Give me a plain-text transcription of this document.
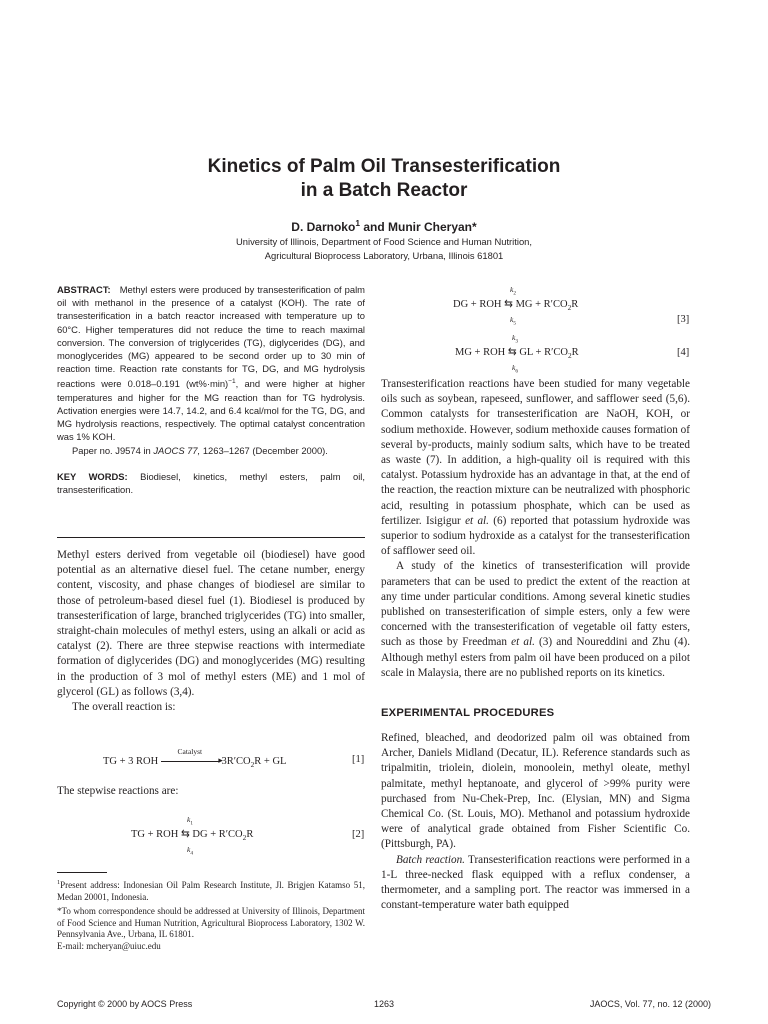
Kinetics of Palm Oil Transesterification
in a Batch Reactor
D. Darnoko$^1$ and Munir Cheryan*
University of Illinois, Department of Food Science and Human Nutrition,
Agricultural Bioprocess Laboratory, Urbana, Illinois 61801
ABSTRACT: Methyl esters were produced by transesterification of palm oil with methanol in the presence of a catalyst (KOH). The rate of transesterification in a batch reactor increased with temperature up to 60°C. Higher temperatures did not reduce the time to reach maximal conversion. The conversion of triglycerides (TG), diglycerides (DG), and monoglycerides (MG) appeared to be second order up to 30 min of reaction time. Reaction rate constants for TG, DG, and MG hydrolysis reactions were 0.018–0.191 $(wt\%\cdot\min)^{-1}$, and were higher at higher temperatures and higher for the MG reaction than for TG hydrolysis. Activation energies were 14.7, 14.2, and 6.4 kcal/mol for the TG, DG, and MG hydrolysis reactions, respectively. The optimal catalyst concentration was 1% KOH.
Paper no. J9574 in JAOCS 77, 1263–1267 (December 2000).
KEY WORDS: Biodiesel, kinetics, methyl esters, palm oil, transesterification.

Methyl esters derived from vegetable oil (biodiesel) have good potential as an alternative diesel fuel. The cetane number, energy content, viscosity, and phase changes of biodiesel are similar to those of petroleum-based diesel fuel (1). Biodiesel is produced by transesterification of large, branched triglycerides (TG) into smaller, straight-chain molecules of methyl esters, using an alkali or acid as catalyst (2). There are three stepwise reactions with intermediate formation of diglycerides (DG) and monoglycerides (MG) resulting in the production of 3 mol of methyl esters (ME) and 1 mol of glycerol (GL) as follows (3,4).

The overall reaction is:

TG + 3 ROH
Catalyst
▸
$3R'CO_2R$ + GL	[1]

The stepwise reactions are:

$k_1$
TG + ROH ⇆ DG + $R'CO_2R$
$k_4$
[2]
$^1$Present address: Indonesian Oil Palm Research Institute, Jl. Brigjen Katamso 51, Medan 20001, Indonesia.
*To whom correspondence should be addressed at University of Illinois, Department of Food Science and Human Nutrition, Agricultural Bioprocess Laboratory, 1302 W. Pennsylvania Ave., Urbana, IL 61801.
E-mail: mcheryan@uiuc.edu
$k_2$
DG + ROH ⇆ MG + $R'CO_2R$
$k_5$	[3]
$k_3$
MG + ROH ⇆ GL + $R'CO_2R$
$k_6$
[4]

Transesterification reactions have been studied for many vegetable oils such as soybean, rapeseed, sunflower, and safflower seed (5,6). Common catalysts for transesterification are NaOH, KOH, or sodium methoxide. However, sodium methoxide causes formation of several by-products, mainly sodium salts, which have to be treated as waste (7). In addition, a high-quality oil is required with this catalyst. Potassium hydroxide has an advantage in that, at the end of the reaction, the reaction mixture can be neutralized with phosphoric acid, resulting in potassium phosphate, which can be used as fertilizer. Isigigur et al. (6) reported that potassium hydroxide was superior to sodium hydroxide as a catalyst for the transesterification of safflower seed oil.

A study of the kinetics of transesterification will provide parameters that can be used to predict the extent of the reaction at any time under particular conditions. Among several kinetic studies published on transesterification of simple esters, only a few were concerned with the transesterification of vegetable oil fatty esters, such as those by Freedman et al. (3) and Noureddini and Zhu (4). Although methyl esters from palm oil have been produced on a pilot scale in Malaysia, there are no published reports on its kinetics.

EXPERIMENTAL PROCEDURES

Refined, bleached, and deodorized palm oil was obtained from Archer, Daniels Midland (Decatur, IL). Reference standards such as tripalmitin, triolein, diolein, monoolein, methyl oleate, methyl palmitate, methyl heptanoate, and glycerol of >99% purity were purchased from Nu-Chek-Prep, Inc. (Elysian, MN) and Sigma Chemical Co. (St. Louis, MO). Methanol and potassium hydroxide were of analytical grade obtained from Fisher Scientific Co. (Pittsburgh, PA).

Batch reaction. Transesterification reactions were performed in a 1-L three-necked flask equipped with a reflux condenser, a thermometer, and a sampling port. The reactor was immersed in a constant-temperature water bath equipped

Copyright © 2000 by AOCS Press	1263	JAOCS, Vol. 77, no. 12 (2000)
